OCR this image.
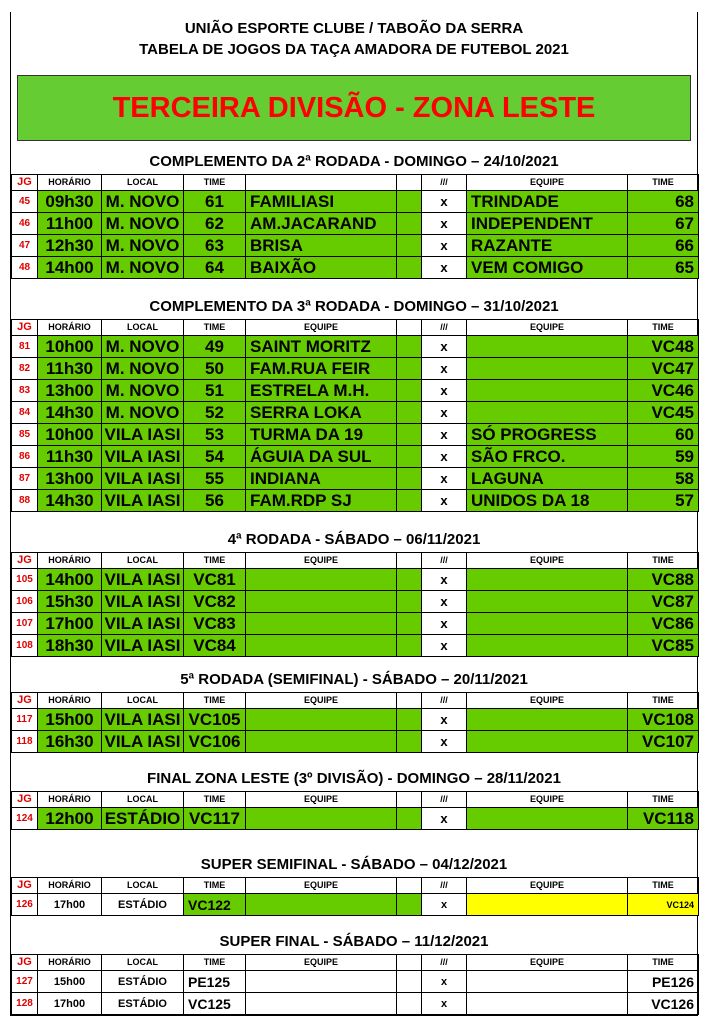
UNIÃO ESPORTE CLUBE / TABOÃO DA SERRA
TABELA DE JOGOS DA TAÇA AMADORA DE FUTEBOL 2021
TERCEIRA DIVISÃO - ZONA LESTE
COMPLEMENTO DA 2ª RODADA - DOMINGO – 24/10/2021
JG	HORÁRIO	LOCAL	TIME			///	EQUIPE	TIME
45	09h30	M. NOVO	61	FAMILIASI		x	TRINDADE	68
46	11h00	M. NOVO	62	AM.JACARAND		x	INDEPENDENT	67
47	12h30	M. NOVO	63	BRISA		x	RAZANTE	66
48	14h00	M. NOVO	64	BAIXÃO		x	VEM COMIGO	65
COMPLEMENTO DA 3ª RODADA - DOMINGO – 31/10/2021
JG	HORÁRIO	LOCAL	TIME	EQUIPE		///	EQUIPE	TIME
81	10h00	M. NOVO	49	SAINT MORITZ		x		VC48
82	11h30	M. NOVO	50	FAM.RUA FEIR		x		VC47
83	13h00	M. NOVO	51	ESTRELA M.H.		x		VC46
84	14h30	M. NOVO	52	SERRA LOKA		x		VC45
85	10h00	VILA IASI	53	TURMA DA 19		x	SÓ PROGRESS	60
86	11h30	VILA IASI	54	ÁGUIA DA SUL		x	SÃO FRCO.	59
87	13h00	VILA IASI	55	INDIANA		x	LAGUNA	58
88	14h30	VILA IASI	56	FAM.RDP SJ		x	UNIDOS DA 18	57
4ª RODADA - SÁBADO – 06/11/2021
JG	HORÁRIO	LOCAL	TIME	EQUIPE		///	EQUIPE	TIME
105	14h00	VILA IASI	VC81			x		VC88
106	15h30	VILA IASI	VC82			x		VC87
107	17h00	VILA IASI	VC83			x		VC86
108	18h30	VILA IASI	VC84			x		VC85
5ª RODADA (SEMIFINAL) - SÁBADO – 20/11/2021
JG	HORÁRIO	LOCAL	TIME	EQUIPE		///	EQUIPE	TIME
117	15h00	VILA IASI	VC105			x		VC108
118	16h30	VILA IASI	VC106			x		VC107
FINAL ZONA LESTE (3º DIVISÃO) - DOMINGO – 28/11/2021
JG	HORÁRIO	LOCAL	TIME	EQUIPE		///	EQUIPE	TIME
124	12h00	ESTÁDIO	VC117			x		VC118
SUPER SEMIFINAL - SÁBADO – 04/12/2021
JG	HORÁRIO	LOCAL	TIME	EQUIPE		///	EQUIPE	TIME
126	17h00	ESTÁDIO	VC122			x		VC124
SUPER FINAL - SÁBADO – 11/12/2021
JG	HORÁRIO	LOCAL	TIME	EQUIPE		///	EQUIPE	TIME
127	15h00	ESTÁDIO	PE125			x		PE126
128	17h00	ESTÁDIO	VC125			x		VC126
